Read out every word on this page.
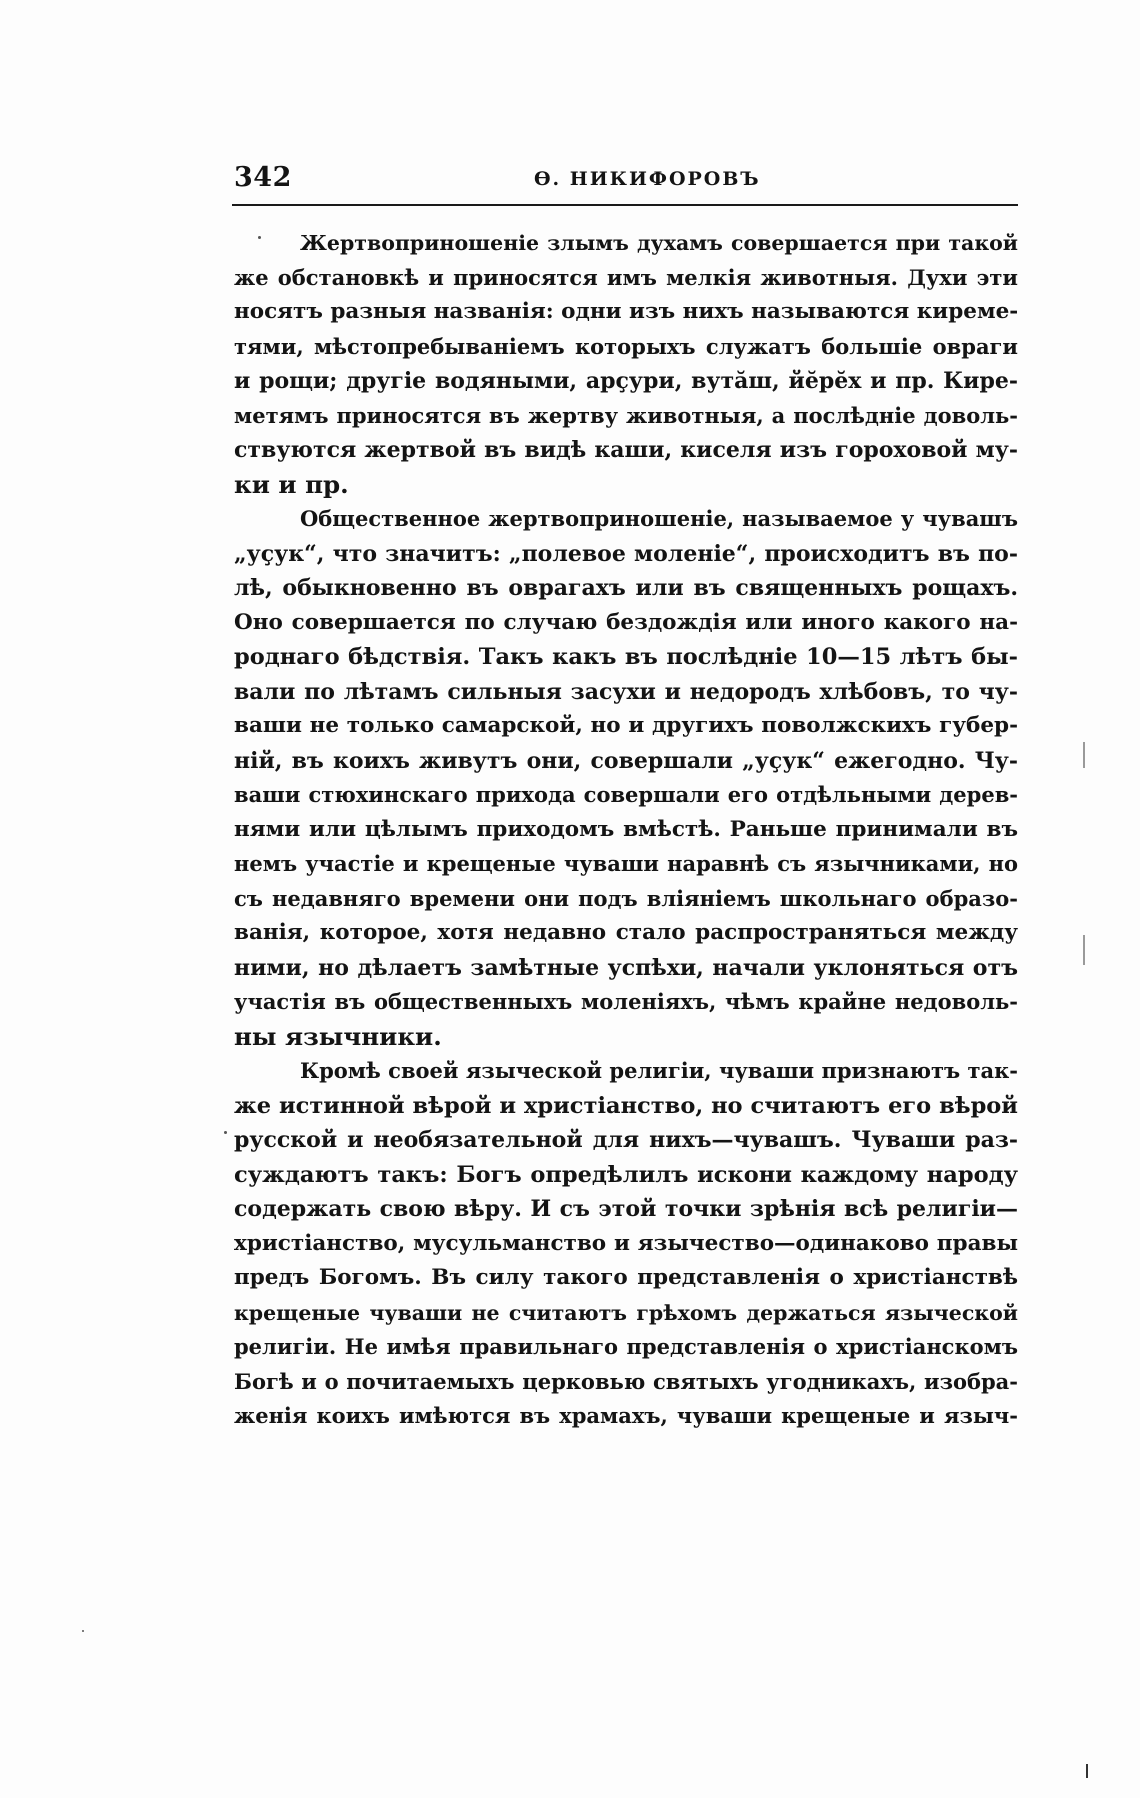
342	Ө. НИКИФОРОВЪ
Жертвоприношеніе злымъ духамъ совершается при такой
же обстановкѣ и приносятся имъ мелкія животныя. Духи эти
носятъ разныя названія: одни изъ нихъ называются киреме-
тями, мѣстопребываніемъ которыхъ служатъ большіе овраги
и рощи; другіе водяными, арçури, вутăш, йĕрĕх и пр. Кире-
метямъ приносятся въ жертву животныя, а послѣдніе доволь-
ствуются жертвой въ видѣ каши, киселя изъ гороховой му-
ки и пр.
Общественное жертвоприношеніе, называемое у чувашъ
„уçук“, что значитъ: „полевое моленіе“, происходитъ въ по-
лѣ, обыкновенно въ оврагахъ или въ священныхъ рощахъ.
Оно совершается по случаю бездождія или иного какого на-
роднаго бѣдствія. Такъ какъ въ послѣдніе 10—15 лѣтъ бы-
вали по лѣтамъ сильныя засухи и недородъ хлѣбовъ, то чу-
ваши не только самарской, но и другихъ поволжскихъ губер-
ній, въ коихъ живутъ они, совершали „уçук“ ежегодно. Чу-
ваши стюхинскаго прихода совершали его отдѣльными дерев-
нями или цѣлымъ приходомъ вмѣстѣ. Раньше принимали въ
немъ участіе и крещеные чуваши наравнѣ съ язычниками, но
съ недавняго времени они подъ вліяніемъ школьнаго образо-
ванія, которое, хотя недавно стало распространяться между
ними, но дѣлаетъ замѣтные успѣхи, начали уклоняться отъ
участія въ общественныхъ моленіяхъ, чѣмъ крайне недоволь-
ны язычники.
Кромѣ своей языческой религіи, чуваши признаютъ так-
же истинной вѣрой и христіанство, но считаютъ его вѣрой
русской и необязательной для нихъ—чувашъ. Чуваши раз-
суждаютъ такъ: Богъ опредѣлилъ искони каждому народу
содержать свою вѣру. И съ этой точки зрѣнія всѣ религіи—
христіанство, мусульманство и язычество—одинаково правы
предъ Богомъ. Въ силу такого представленія о христіанствѣ
крещеные чуваши не считаютъ грѣхомъ держаться языческой
религіи. Не имѣя правильнаго представленія о христіанскомъ
Богѣ и о почитаемыхъ церковью святыхъ угодникахъ, изобра-
женія коихъ имѣются въ храмахъ, чуваши крещеные и языч-
